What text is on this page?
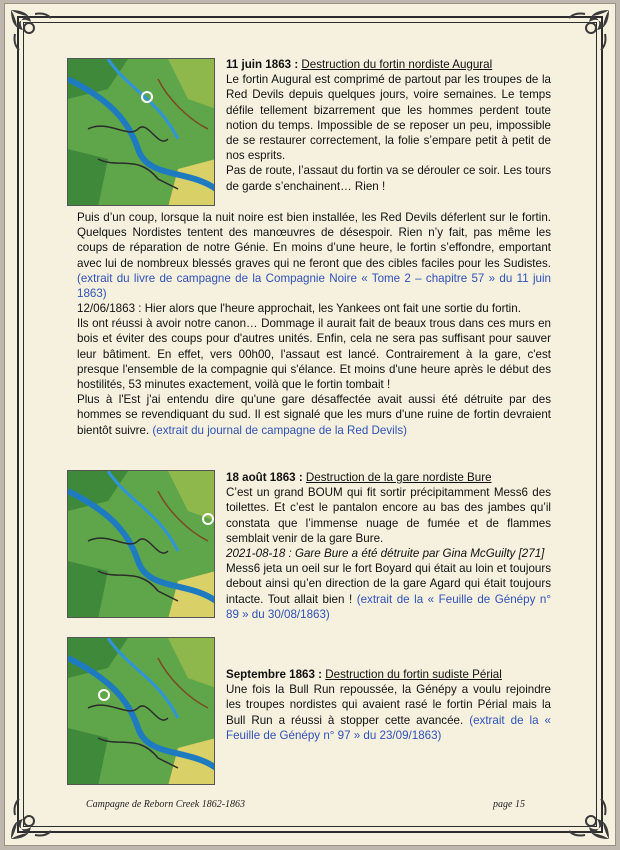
11 juin 1863 : Destruction du fortin nordiste Augural

Le fortin Augural est comprimé de partout par les troupes de la Red Devils depuis quelques jours, voire semaines. Le temps défile tellement bizarrement que les hommes perdent toute notion du temps. Impossible de se reposer un peu, impossible de se restaurer correctement, la folie s’empare petit à petit de nos esprits.

Pas de route, l’assaut du fortin va se dérouler ce soir. Les tours de garde s’enchainent… Rien !

Puis d’un coup, lorsque la nuit noire est bien installée, les Red Devils déferlent sur le fortin. Quelques Nordistes tentent des manœuvres de désespoir. Rien n’y fait, pas même les coups de réparation de notre Génie. En moins d’une heure, le fortin s’effondre, emportant avec lui de nombreux blessés graves qui ne feront que des cibles faciles pour les Sudistes. (extrait du livre de campagne de la Compagnie Noire « Tome 2 – chapitre 57 » du 11 juin 1863)

12/06/1863 : Hier alors que l'heure approchait, les Yankees ont fait une sortie du fortin.

Ils ont réussi à avoir notre canon… Dommage il aurait fait de beaux trous dans ces murs en bois et éviter des coups pour d'autres unités. Enfin, cela ne sera pas suffisant pour sauver leur bâtiment. En effet, vers 00h00, l'assaut est lancé. Contrairement à la gare, c'est presque l'ensemble de la compagnie qui s'élance. Et moins d'une heure après le début des hostilités, 53 minutes exactement, voilà que le fortin tombait !

Plus à l'Est j'ai entendu dire qu'une gare désaffectée avait aussi été détruite par des hommes se revendiquant du sud. Il est signalé que les murs d'une ruine de fortin devraient bientôt suivre. (extrait du journal de campagne de la Red Devils)

18 août 1863 : Destruction de la gare nordiste Bure

C’est un grand BOUM qui fit sortir précipitamment Mess6 des toilettes. Et c’est le pantalon encore au bas des jambes qu’il constata que l’immense nuage de fumée et de flammes semblait venir de la gare Bure.

2021-08-18 : Gare Bure a été détruite par Gina McGuilty [271]

Mess6 jeta un oeil sur le fort Boyard qui était au loin et toujours debout ainsi qu’en direction de la gare Agard qui était toujours intacte. Tout allait bien ! (extrait de la « Feuille de Génépy n° 89 » du 30/08/1863)

Septembre 1863 : Destruction du fortin sudiste Périal

Une fois la Bull Run repoussée, la Génépy a voulu rejoindre les troupes nordistes qui avaient rasé le fortin Périal mais la Bull Run a réussi à stopper cette avancée. (extrait de la « Feuille de Génépy n° 97 » du 23/09/1863)

Campagne de Reborn Creek 1862-1863	page 15
